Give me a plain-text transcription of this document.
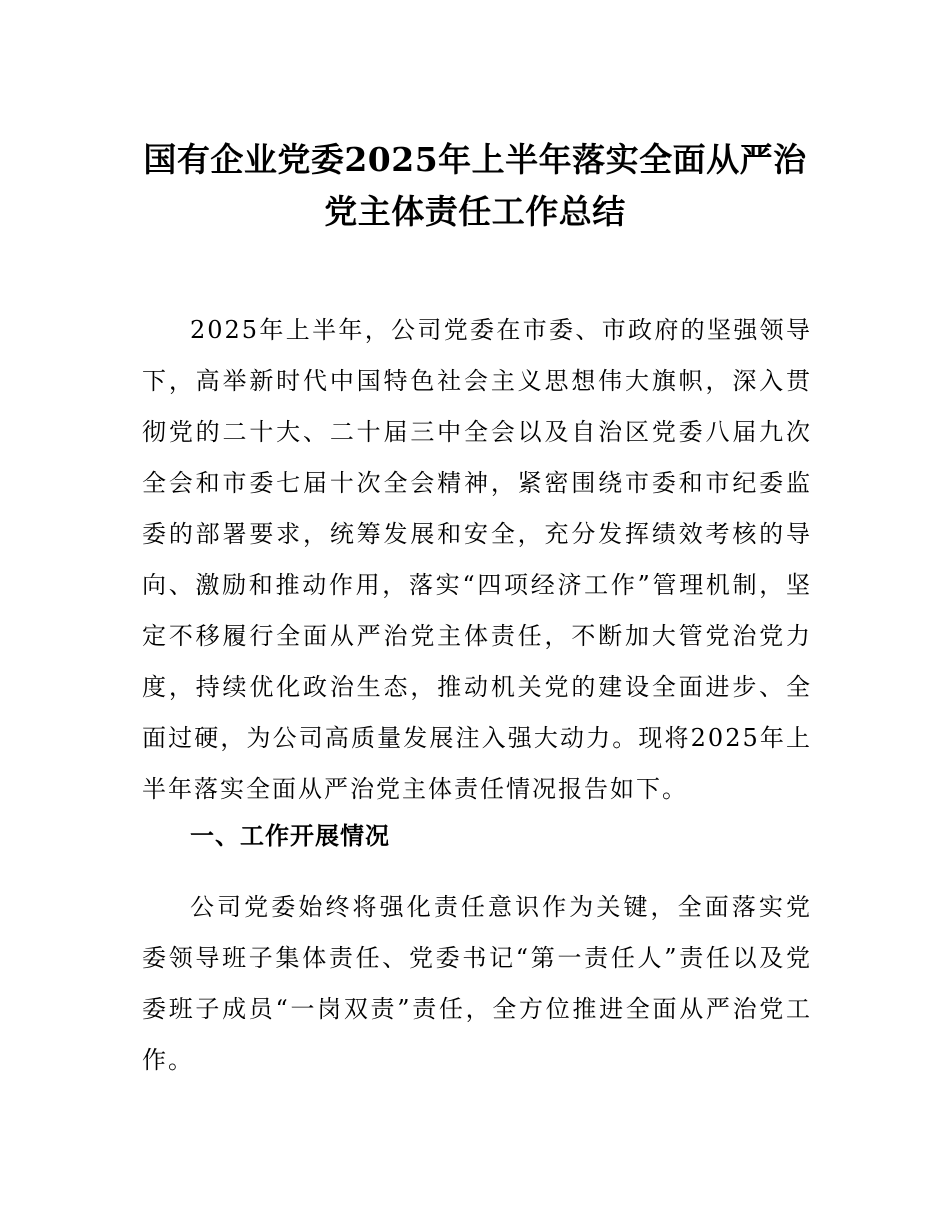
国有企业党委2025年上半年落实全面从严治
党主体责任工作总结

2025年上半年，公司党委在市委、市政府的坚强领导下，高举新时代中国特色社会主义思想伟大旗帜，深入贯彻党的二十大、二十届三中全会以及自治区党委八届九次全会和市委七届十次全会精神，紧密围绕市委和市纪委监委的部署要求，统筹发展和安全，充分发挥绩效考核的导向、激励和推动作用，落实“四项经济工作”管理机制，坚定不移履行全面从严治党主体责任，不断加大管党治党力度，持续优化政治生态，推动机关党的建设全面进步、全面过硬，为公司高质量发展注入强大动力。现将2025年上半年落实全面从严治党主体责任情况报告如下。

一、工作开展情况

公司党委始终将强化责任意识作为关键，全面落实党委领导班子集体责任、党委书记“第一责任人”责任以及党委班子成员“一岗双责”责任，全方位推进全面从严治党工作。
